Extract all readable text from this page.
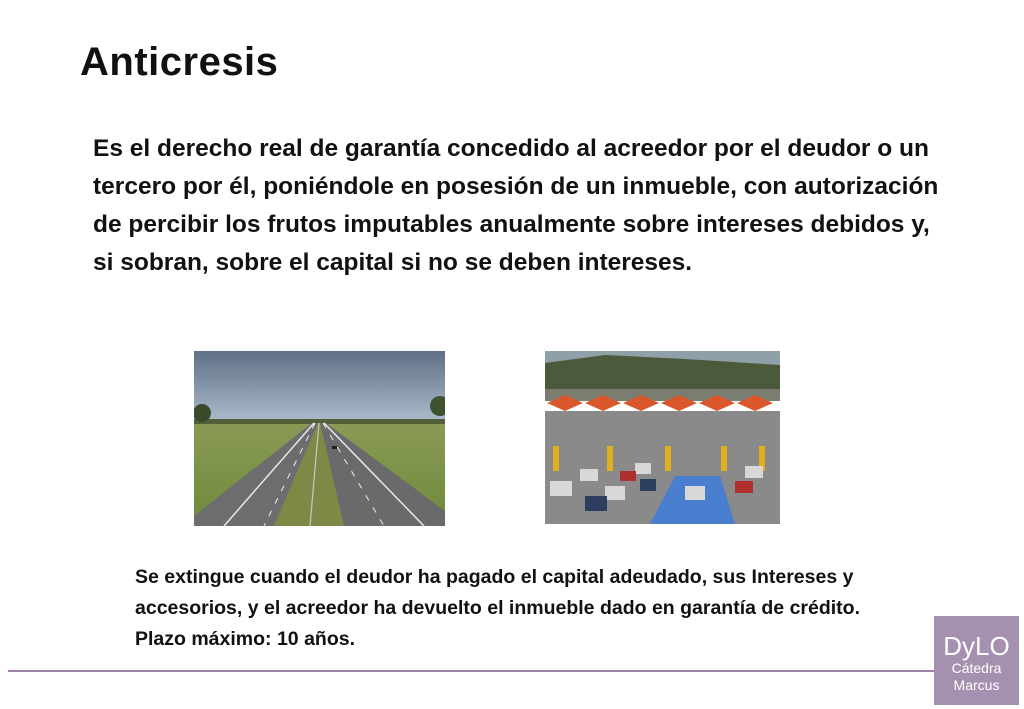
Anticresis

Es el derecho real de garantía concedido al acreedor por el deudor o un tercero por él, poniéndole en posesión de un inmueble, con autorización de percibir los frutos imputables anualmente sobre intereses debidos y, si sobran, sobre el capital si no se deben intereses.

Se extingue cuando el deudor ha pagado el capital adeudado, sus Intereses y accesorios, y el acreedor ha devuelto el inmueble dado en garantía de crédito. Plazo máximo: 10 años.	DyLO
Cátedra
Marcus
